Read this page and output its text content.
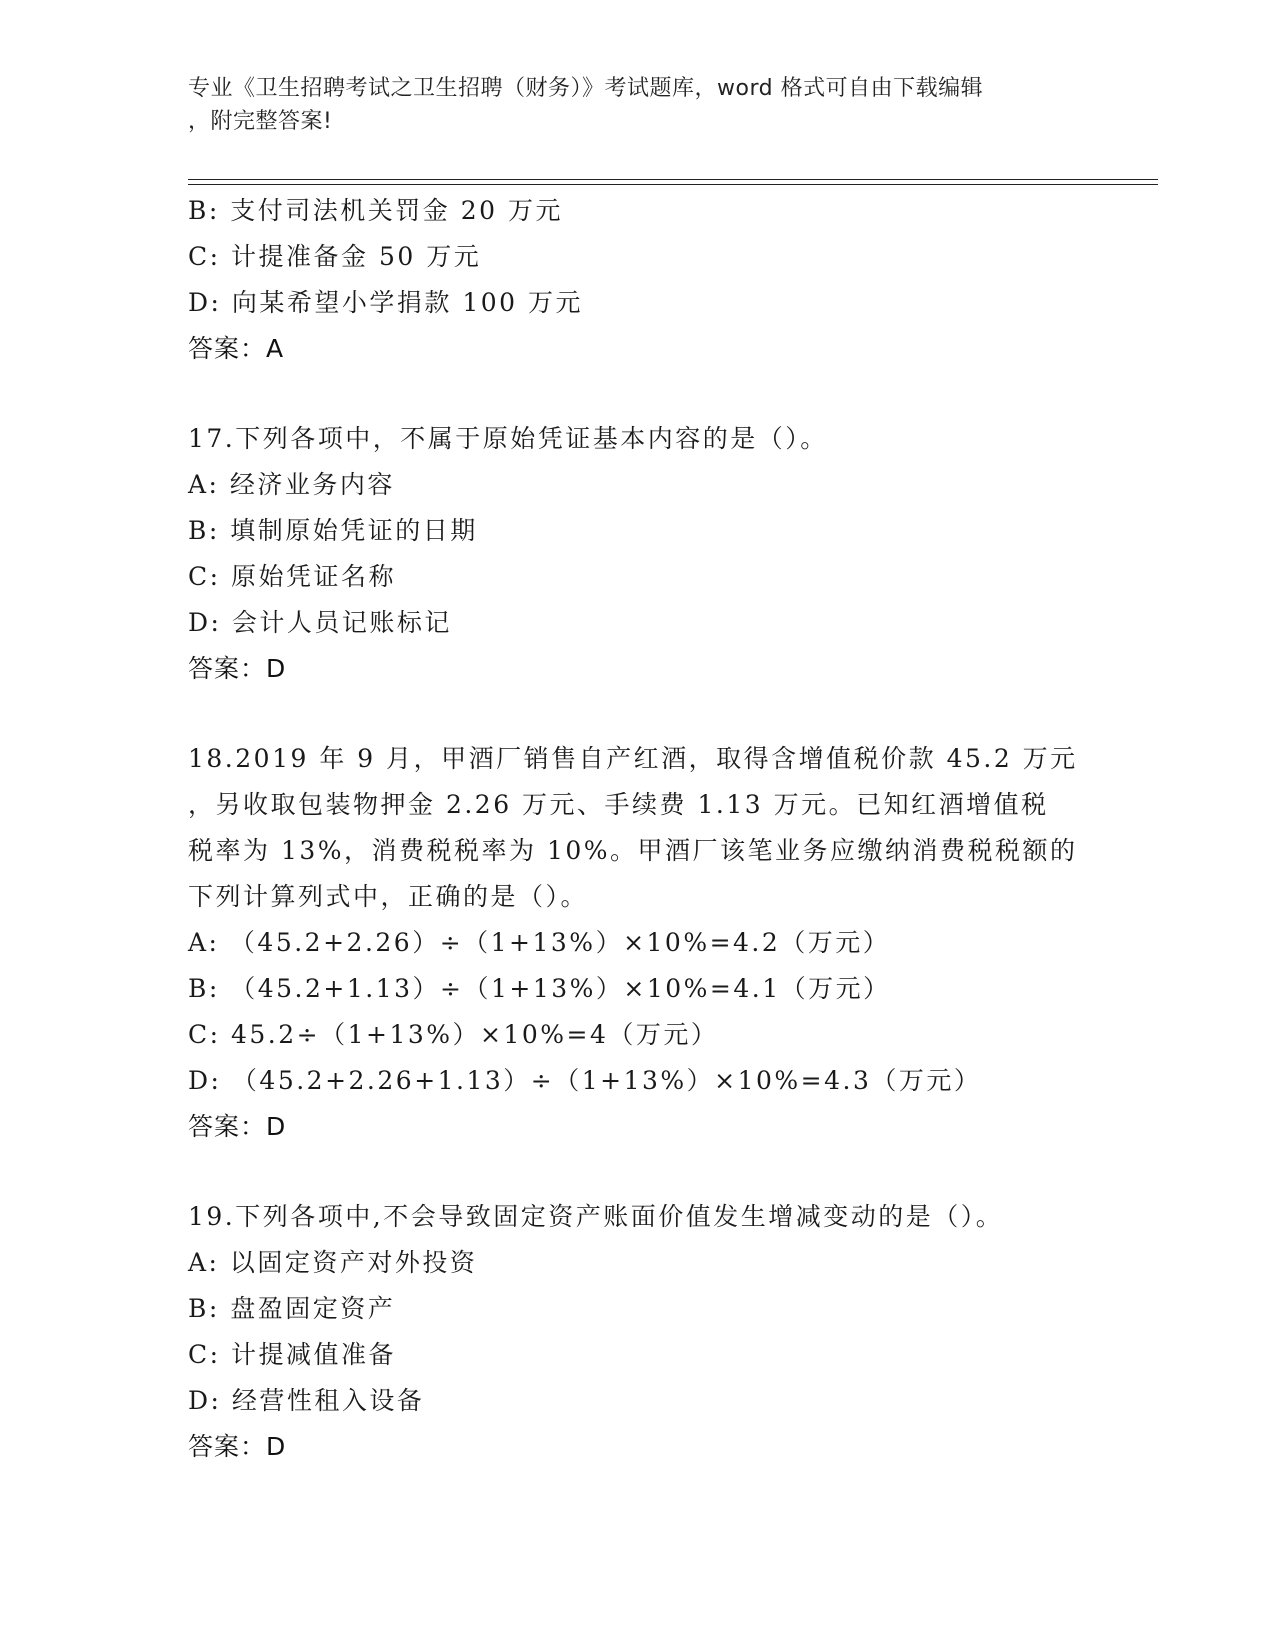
专业《卫生招聘考试之卫生招聘（财务）》考试题库，word 格式可自由下载编辑
，附完整答案!
B: 支付司法机关罚金 20 万元
C: 计提准备金 50 万元
D: 向某希望小学捐款 100 万元
答案：A
17.下列各项中，不属于原始凭证基本内容的是（）。
A: 经济业务内容
B: 填制原始凭证的日期
C: 原始凭证名称
D: 会计人员记账标记
答案：D
18.2019 年 9 月，甲酒厂销售自产红酒，取得含增值税价款 45.2 万元
，另收取包装物押金 2.26 万元、手续费 1.13 万元。已知红酒增值税
税率为 13%，消费税税率为 10%。甲酒厂该笔业务应缴纳消费税税额的
下列计算列式中，正确的是（）。
A: （45.2+2.26）÷（1+13%）×10%=4.2（万元）
B: （45.2+1.13）÷（1+13%）×10%=4.1（万元）
C: 45.2÷（1+13%）×10%=4（万元）
D: （45.2+2.26+1.13）÷（1+13%）×10%=4.3（万元）
答案：D
19.下列各项中,不会导致固定资产账面价值发生增减变动的是（）。
A: 以固定资产对外投资
B: 盘盈固定资产
C: 计提减值准备
D: 经营性租入设备
答案：D
